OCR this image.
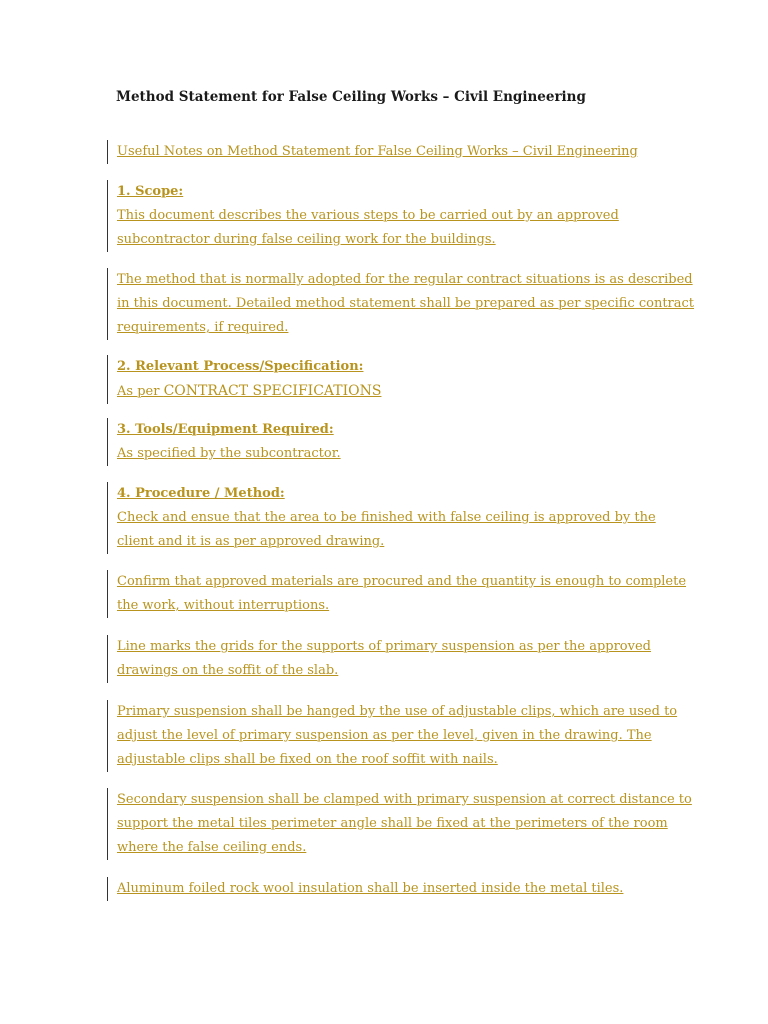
Method Statement for False Ceiling Works – Civil Engineering
Useful Notes on Method Statement for False Ceiling Works – Civil Engineering
1. Scope:
This document describes the various steps to be carried out by an approved
subcontractor during false ceiling work for the buildings.
The method that is normally adopted for the regular contract situations is as described
in this document. Detailed method statement shall be prepared as per specific contract
requirements, if required.
2. Relevant Process/Specification:
As per CONTRACT SPECIFICATIONS
3. Tools/Equipment Required:
As specified by the subcontractor.
4. Procedure / Method:
Check and ensue that the area to be finished with false ceiling is approved by the
client and it is as per approved drawing.
Confirm that approved materials are procured and the quantity is enough to complete
the work, without interruptions.
Line marks the grids for the supports of primary suspension as per the approved
drawings on the soffit of the slab.
Primary suspension shall be hanged by the use of adjustable clips, which are used to
adjust the level of primary suspension as per the level, given in the drawing. The
adjustable clips shall be fixed on the roof soffit with nails.
Secondary suspension shall be clamped with primary suspension at correct distance to
support the metal tiles perimeter angle shall be fixed at the perimeters of the room
where the false ceiling ends.
Aluminum foiled rock wool insulation shall be inserted inside the metal tiles.
